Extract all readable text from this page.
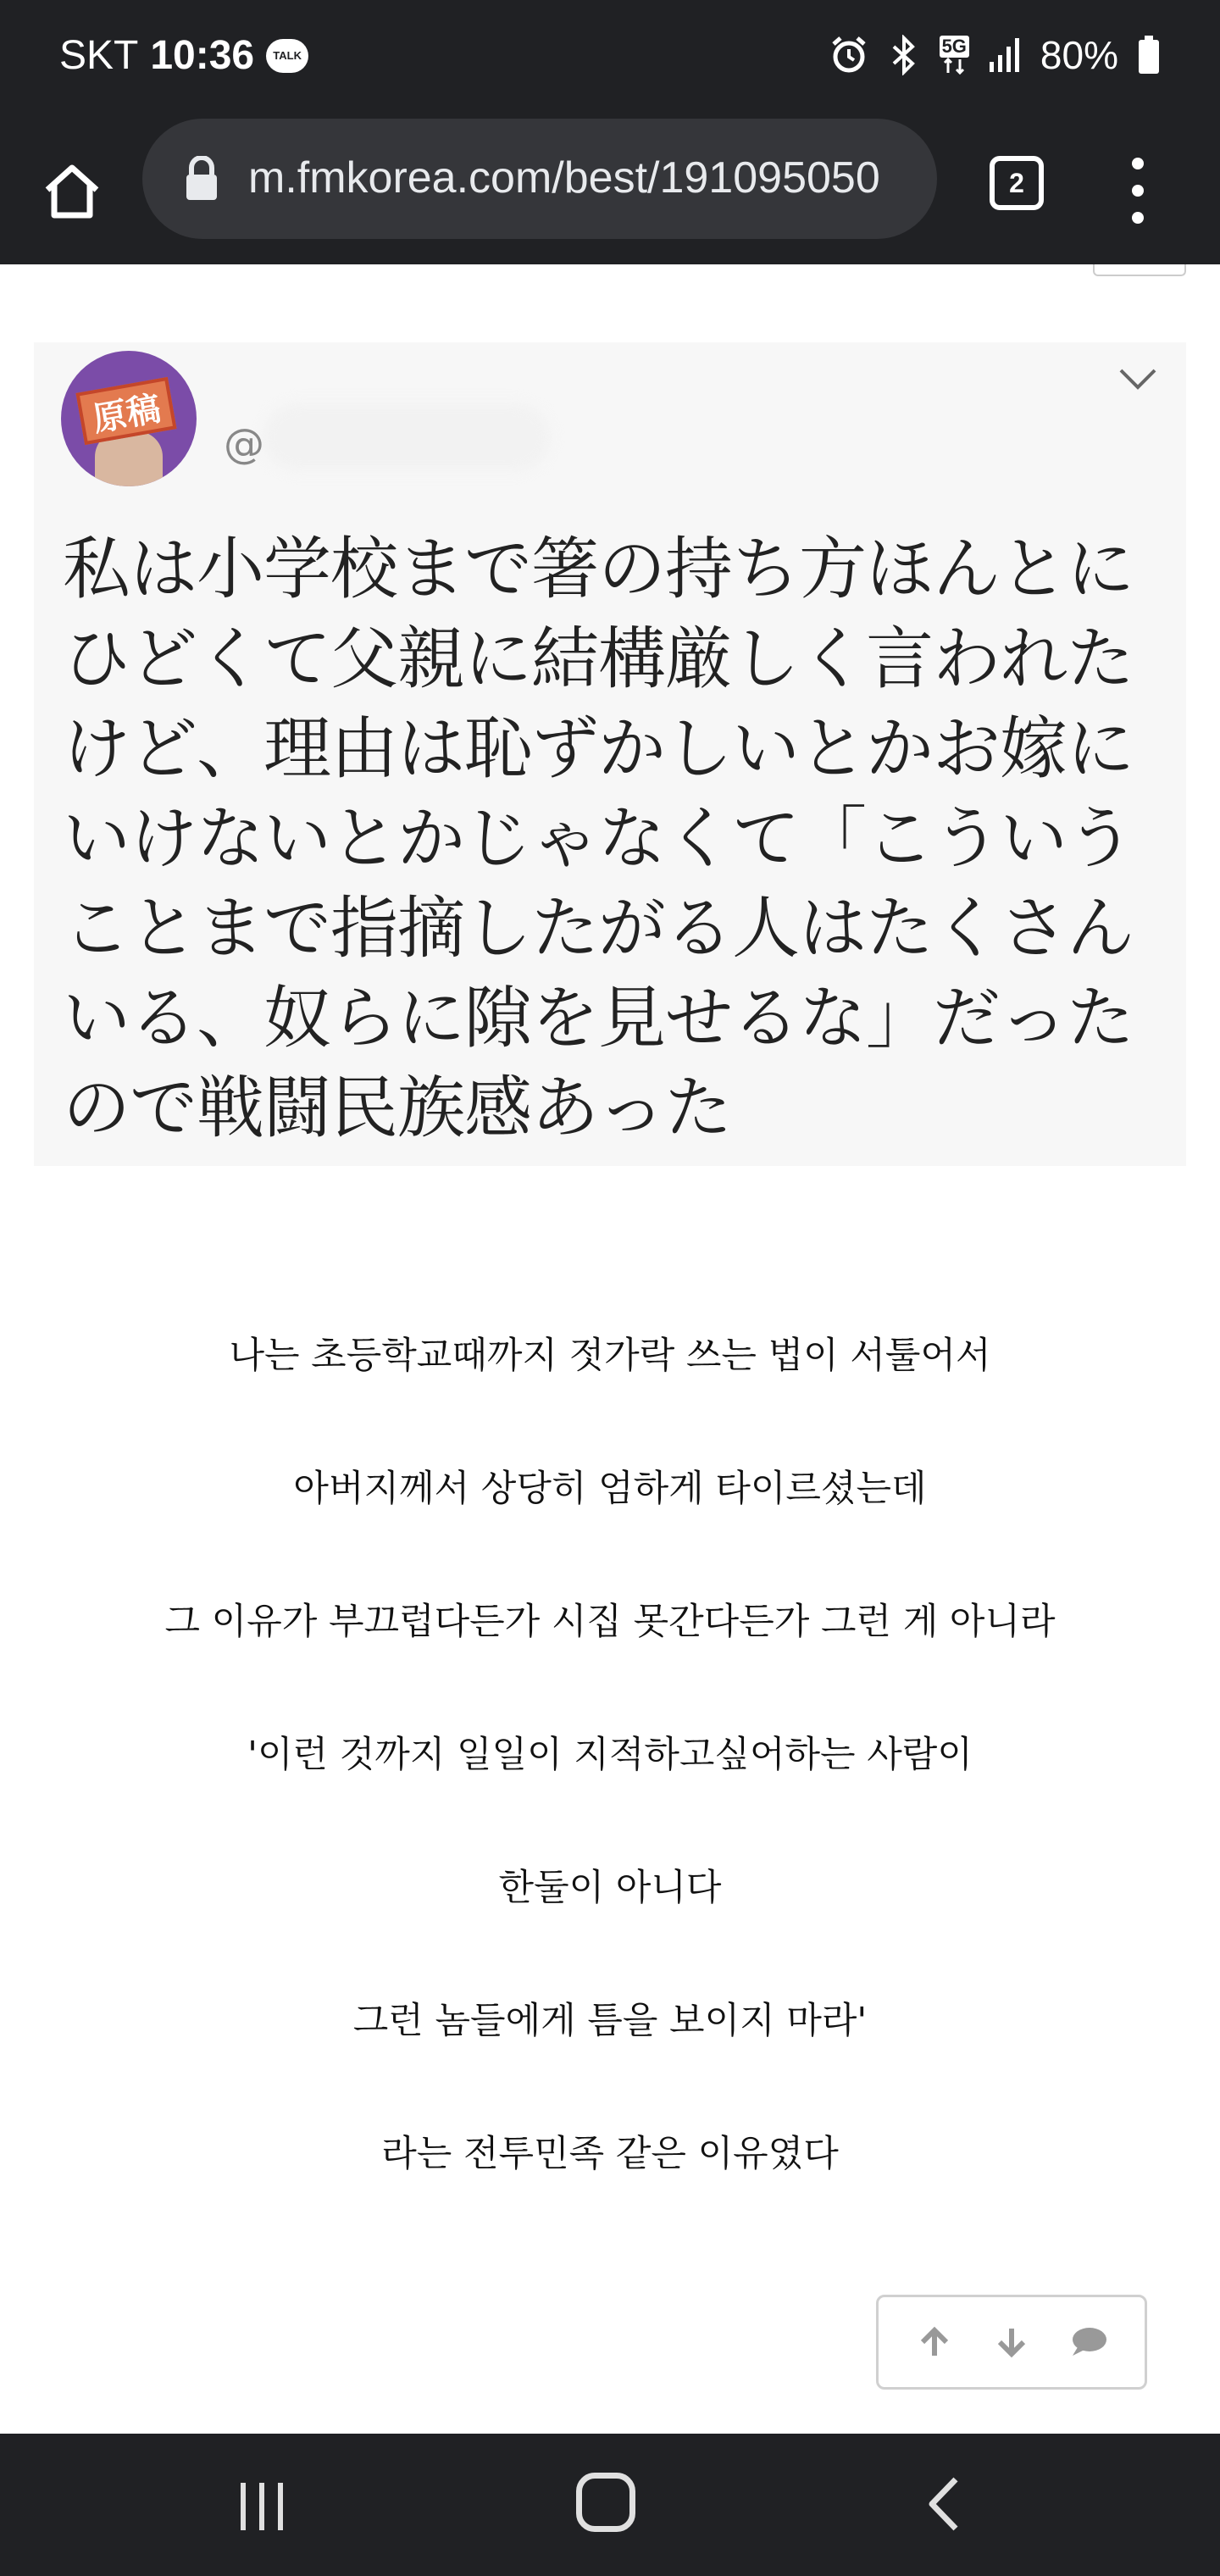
SKT 10:36	TALK	5G 80%
m.fmkorea.com/best/191095050	2
原稿
@
私は小学校まで箸の持ち方ほんとに
ひどくて父親に結構厳しく言われた
けど、理由は恥ずかしいとかお嫁に
いけないとかじゃなくて「こういう
ことまで指摘したがる人はたくさん
いる、奴らに隙を見せるな」だった
ので戦闘民族感あった
나는 초등학교때까지 젓가락 쓰는 법이 서툴어서
아버지께서 상당히 엄하게 타이르셨는데
그 이유가 부끄럽다든가 시집 못간다든가 그런 게 아니라
'이런 것까지 일일이 지적하고싶어하는 사람이
한둘이 아니다
그런 놈들에게 틈을 보이지 마라'
라는 전투민족 같은 이유였다
